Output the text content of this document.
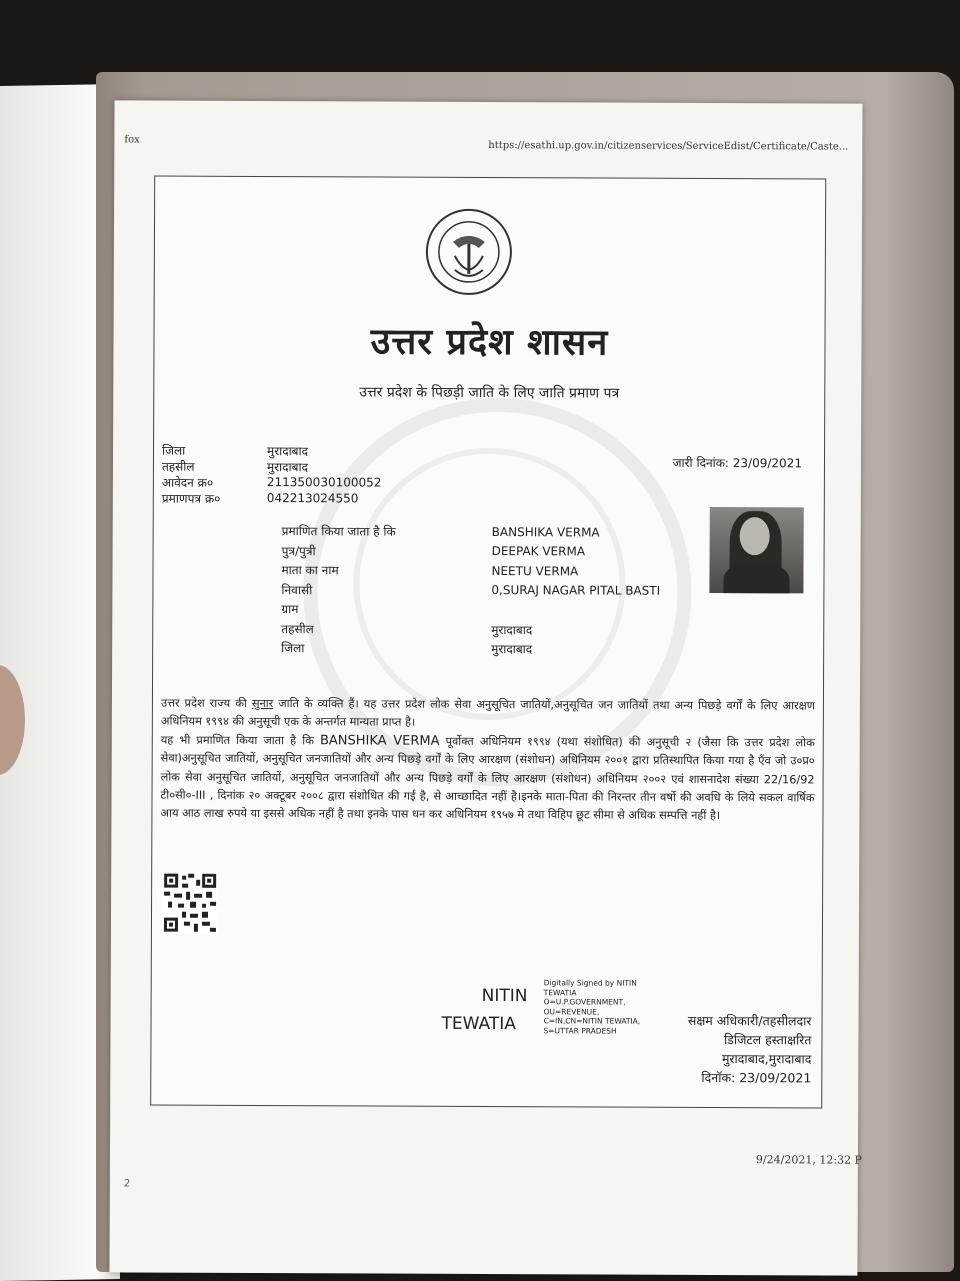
fox
https://esathi.up.gov.in/citizenservices/ServiceEdist/Certificate/Caste...
उत्तर प्रदेश शासन
उत्तर प्रदेश के पिछड़ी जाति के लिए जाति प्रमाण पत्र
जिला	मुरादाबाद
तहसील	मुरादाबाद
आवेदन क्र०	211350030100052
प्रमाणपत्र क्र०	042213024550
जारी दिनांक: 23/09/2021
प्रमाणित किया जाता है कि	BANSHIKA VERMA
पुत्र/पुत्री	DEEPAK VERMA
माता का नाम	NEETU VERMA
निवासी	0,SURAJ NAGAR PITAL BASTI
ग्राम
तहसील	मुरादाबाद
जिला	मुरादाबाद
उत्तर प्रदेश राज्य की सुनार जाति के व्यक्ति हैं। यह उत्तर प्रदेश लोक सेवा अनुसूचित जातियों,अनुसूचित जन जातियों तथा अन्य पिछड़े वर्गों के लिए आरक्षण अधिनियम १९९४ की अनुसूची एक के अन्तर्गत मान्यता प्राप्त है।
यह भी प्रमाणित किया जाता है कि BANSHIKA VERMA पूर्वोक्त अधिनियम १९९४ (यथा संशोधित) की अनुसूची २ (जैसा कि उत्तर प्रदेश लोक सेवा)अनुसूचित जातियों, अनुसूचित जनजातियों और अन्य पिछड़े वर्गों के लिए आरक्षण (संशोधन) अधिनियम २००१ द्वारा प्रतिस्थापित किया गया है एँव जो उ०प्र० लोक सेवा अनुसूचित जातियों, अनुसूचित जनजातियों और अन्य पिछड़े वर्गों के लिए आरक्षण (संशोधन) अधिनियम २००२ एवं शासनादेश संख्या 22/16/92 टी०सी०-III , दिनांक २० अक्टूबर २००८ द्वारा संशोधित की गई है, से आच्छादित नहीं है।इनके माता-पिता की निरन्तर तीन वर्षो की अवधि के लिये सकल वार्षिक आय आठ लाख रुपये या इससे अधिक नहीं है तथा इनके पास धन कर अधिनियम १९५७ मे तथा विहिप छूट सीमा से अधिक सम्पत्ति नहीं है।
NITIN
TEWATIA
Digitally Signed by NITIN
TEWATIA
O=U.P.GOVERNMENT,
OU=REVENUE,
C=IN,CN=NITIN TEWATIA,
S=UTTAR PRADESH
सक्षम अधिकारी/तहसीलदार
डिजिटल हस्ताक्षरित
मुरादाबाद,मुरादाबाद
दिनॉक: 23/09/2021
9/24/2021, 12:32 P
2
